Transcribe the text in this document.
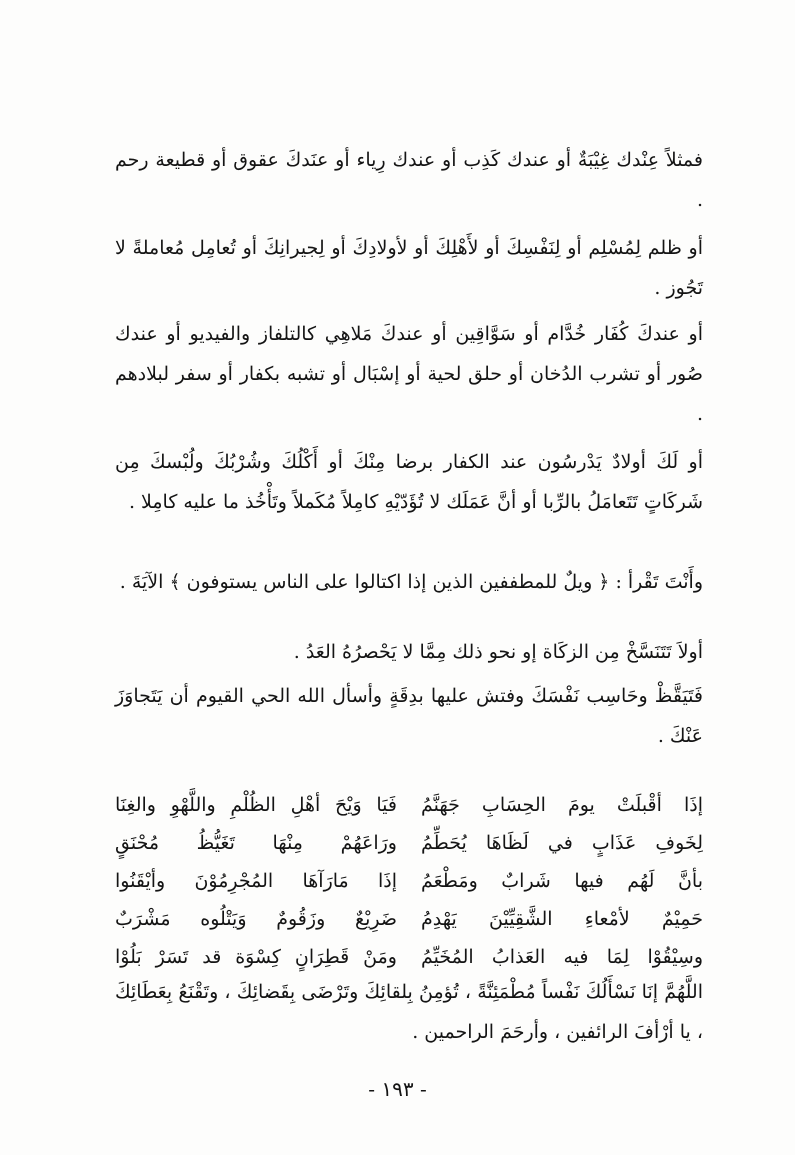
فمثلاً عِنْدك غِيْبَةٌ أو عندك كَذِب أو عندك رِياء أو عنَدكَ عقوق أو قطيعة رحم .

أو ظلم لِمُسْلِم أو لِنَفْسِكَ أو لأَهْلِكَ أو لأولادِكَ أو لِجيرانِكَ أو تُعامِل مُعاملةً لا تَجُوز .

أو عندكَ كُفَار خُدَّام أو سَوَّاقِين أو عندكَ مَلاهِي كالتلفاز والفيديو أو عندك صُور أو تشرب الدُخان أو حلق لحية أو إسْبَال أو تشبه بكفار أو سفر لبلادهم .

أو لَكَ أولادٌ يَدْرسُون عند الكفار برضا مِنْكَ أو أَكْلُكَ وشُرْبُكَ ولُبْسكَ مِن شَركَاتٍ تَتَعامَلُ بالرِّبا أو أنَّ عَمَلَك لا تُؤَدّيْهِ كامِلاً مُكَملاً وتَأْخُذ ما عليه كامِلا .

وأَنْتَ تَقْرأ : ﴿ ويلٌ للمطففين الذين إذا اكتالوا على الناس يستوفون ﴾ الآيَةَ .

أولاَ تَتَنَسَّخْ مِن الزكَاة إو نحو ذلك مِمَّا لا يَحْصرُهُ العَدُ .

فَتَيَقَّظْ وحَاسِب نَفْسَكَ وفتش عليها بدِقَةٍ وأسأل الله الحي القيوم أن يَتَجاوَزَ عَنْكَ .

إذَا أقْبلَتْ يومَ الحِسَابِ جَهَنَّمُ
فَيَا وَيْحَ أهْلِ الظُلْمِ واللَّهْوِ والغِنَا
لِخَوفِ عَذَابٍ في لَظَاهَا يُحَطِّمُ
ورَاعَهُمْ مِنْهَا تَغَيُّظُ مُحْنَقٍ
بأنَّ لَهُم فيها شَرابٌ ومَطْعَمُ
إذَا مَارَآهَا المُجْرِمُوْنَ وأيْقَنُوا
حَمِيْمٌ لأمْعاءِ الشَّقِيِّيْنَ يَهْدِمُ
ضَرِيْعٌ وزَقُومٌ وَيَتْلُوه مَشْرَبٌ
وسِيْقُوْا لِمَا فيه العَذابُ المُخَيِّمُ
ومَنْ قَطِرَانٍ كِسْوَة قد تَسَرْ بَلُوْا

اللَّهُمَّ إنَا نَسْأَلُكَ نَفْساً مُطْمَئِنَّةً ، تُؤمِنُ بِلقائِكَ وتَرْضَى بِقَضائِكَ ، وتَقْنَعُ بِعَطَائِكَ ، يا أرْأفَ الرائفين ، وأرحَمَ الراحمين .

- ١٩٣ -
